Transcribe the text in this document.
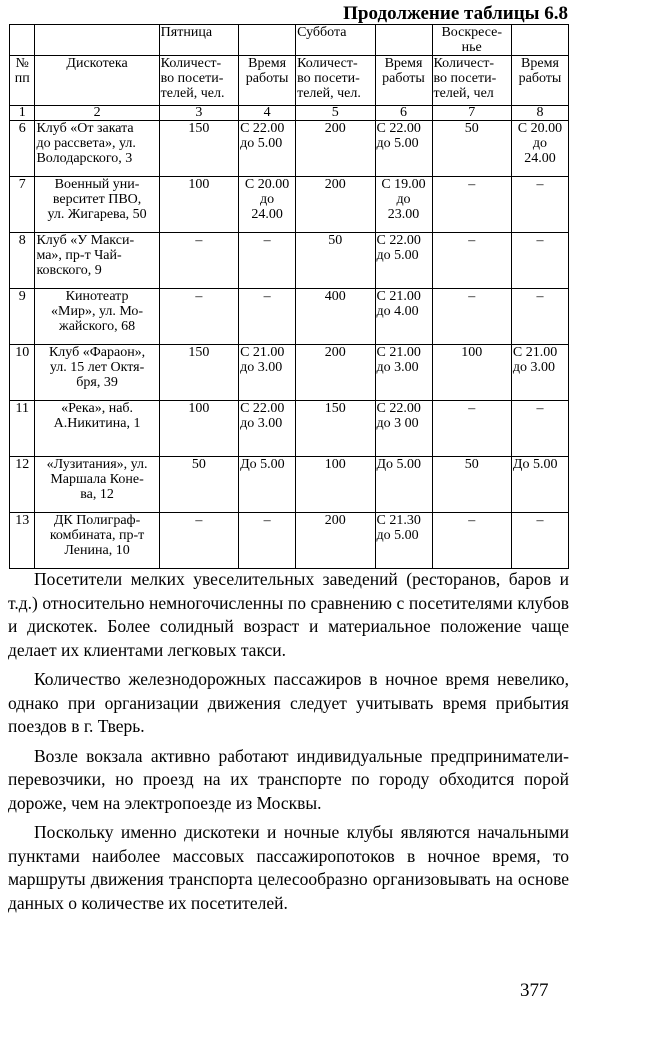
Продолжение таблицы 6.8
		Пятница		Суббота		Воскресе-
нье	
№
пп	Дискотека	Количест-
во посети-
телей, чел.	Время
работы	Количест-
во посети-
телей, чел.	Время
работы	Количест-
во посети-
телей, чел	Время
работы
1	2	3	4	5	6	7	8
6	Клуб «От заката
до рассвета», ул.
Володарского, 3	150	С 22.00
до 5.00	200	С 22.00
до 5.00	50	С 20.00
до
24.00
7	Военный уни-
верситет ПВО,
ул. Жигарева, 50	100	С 20.00
до
24.00	200	С 19.00
до
23.00	–	–
8	Клуб «У Макси-
ма», пр-т Чай-
ковского, 9	–	–	50	С 22.00
до 5.00	–	–
9	Кинотеатр
«Мир», ул. Мо-
жайского, 68	–	–	400	С 21.00
до 4.00	–	–
10	Клуб «Фараон»,
ул. 15 лет Октя-
бря, 39	150	С 21.00
до 3.00	200	С 21.00
до 3.00	100	С 21.00
до 3.00
11	«Река», наб.
А.Никитина, 1	100	С 22.00
до 3.00	150	С 22.00
до 3 00	–	–
12	«Лузитания», ул.
Маршала Коне-
ва, 12	50	До 5.00	100	До 5.00	50	До 5.00
13	ДК Полиграф-
комбината, пр-т
Ленина, 10	–	–	200	С 21.30
до 5.00	–	–

Посетители мелких увеселительных заведений (ресторанов, баров и т.д.) относительно немногочисленны по сравнению с посетителями клубов и дискотек. Более солидный возраст и материальное положение чаще делает их клиентами легковых такси.

Количество железнодорожных пассажиров в ночное время невелико, однако при организации движения следует учитывать время прибытия поездов в г. Тверь.

Возле вокзала активно работают индивидуальные предприниматели-перевозчики, но проезд на их транспорте по городу обходится порой дороже, чем на электропоезде из Москвы.

Поскольку именно дискотеки и ночные клубы являются начальными пунктами наиболее массовых пассажиропотоков в ночное время, то маршруты движения транспорта целесообразно организовывать на основе данных о количестве их посетителей.

377
